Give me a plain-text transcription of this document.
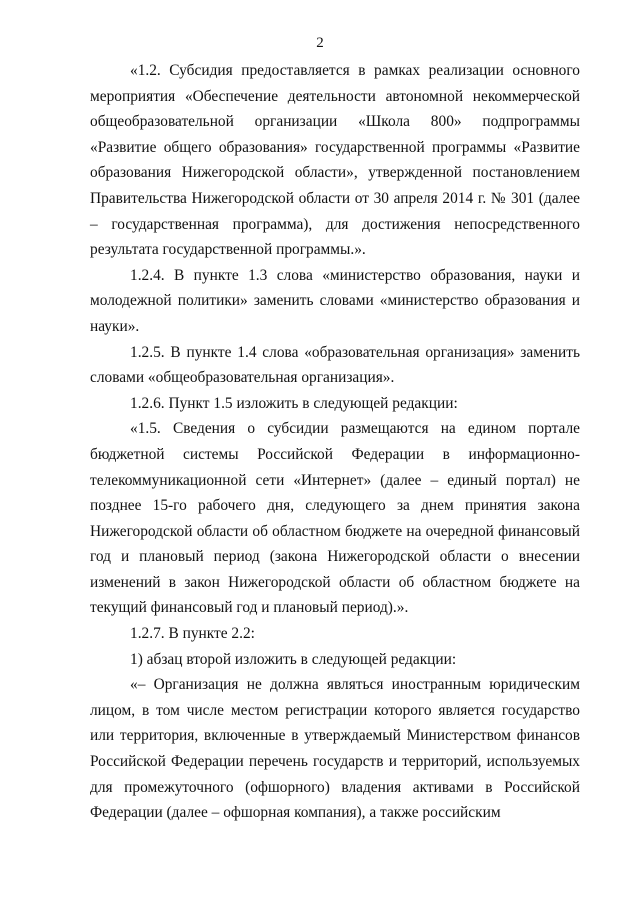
2

«1.2. Субсидия предоставляется в рамках реализации основного мероприятия «Обеспечение деятельности автономной некоммерческой общеобразовательной организации «Школа 800» подпрограммы «Развитие общего образования» государственной программы «Развитие образования Нижегородской области», утвержденной постановлением Правительства Нижегородской области от 30 апреля 2014 г. № 301 (далее – государственная программа), для достижения непосредственного результата государственной программы.».

1.2.4. В пункте 1.3 слова «министерство образования, науки и молодежной политики» заменить словами «министерство образования и науки».

1.2.5. В пункте 1.4 слова «образовательная организация» заменить словами «общеобразовательная организация».

1.2.6. Пункт 1.5 изложить в следующей редакции:

«1.5. Сведения о субсидии размещаются на едином портале бюджетной системы Российской Федерации в информационно-телекоммуникационной сети «Интернет» (далее – единый портал) не позднее 15-го рабочего дня, следующего за днем принятия закона Нижегородской области об областном бюджете на очередной финансовый год и плановый период (закона Нижегородской области о внесении изменений в закон Нижегородской области об областном бюджете на текущий финансовый год и плановый период).».

1.2.7. В пункте 2.2:

1) абзац второй изложить в следующей редакции:

«– Организация не должна являться иностранным юридическим лицом, в том числе местом регистрации которого является государство или территория, включенные в утверждаемый Министерством финансов Российской Федерации перечень государств и территорий, используемых для промежуточного (офшорного) владения активами в Российской Федерации (далее – офшорная компания), а также российским
